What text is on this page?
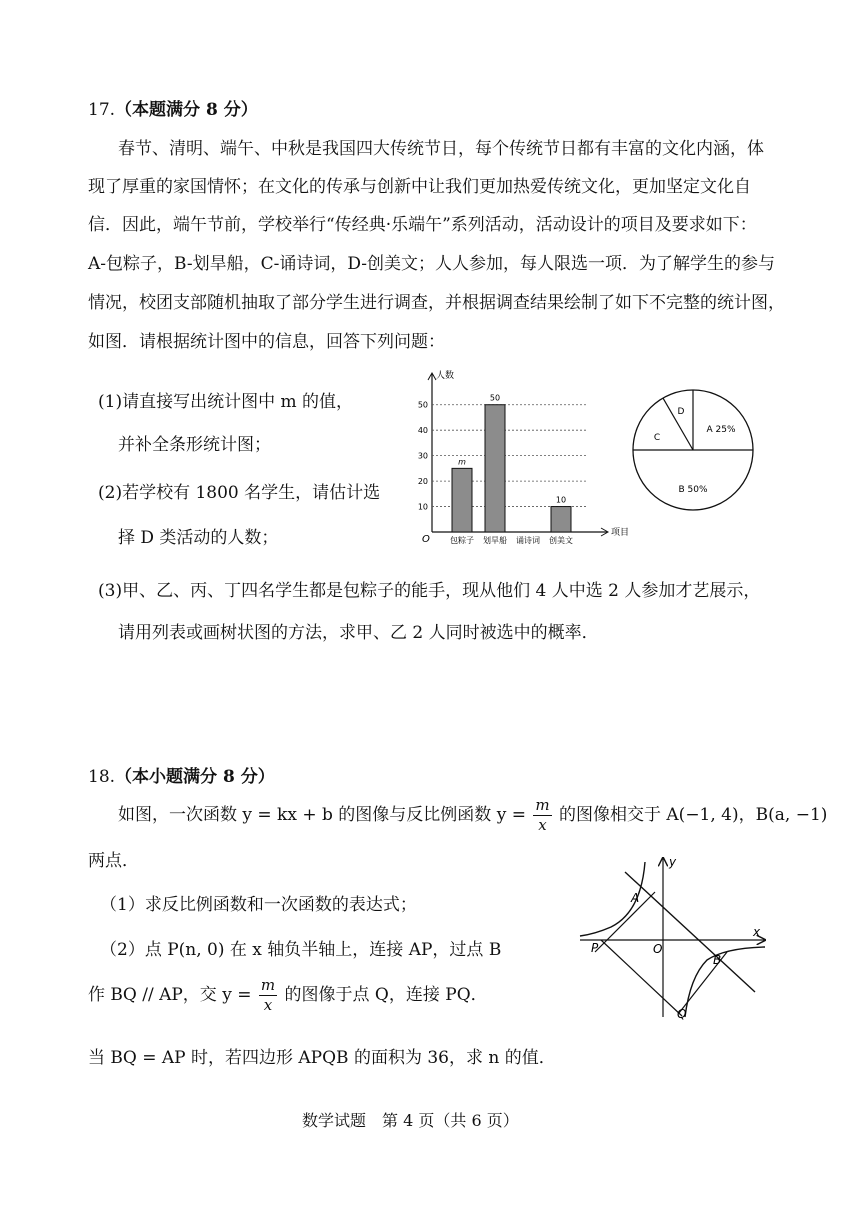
17.（本题满分 8 分）
春节、清明、端午、中秋是我国四大传统节日，每个传统节日都有丰富的文化内涵，体
现了厚重的家国情怀；在文化的传承与创新中让我们更加热爱传统文化，更加坚定文化自
信．因此，端午节前，学校举行“传经典·乐端午”系列活动，活动设计的项目及要求如下：
A-包粽子，B-划旱船，C-诵诗词，D-创美文；人人参加，每人限选一项．为了解学生的参与
情况，校团支部随机抽取了部分学生进行调查，并根据调查结果绘制了如下不完整的统计图，
如图．请根据统计图中的信息，回答下列问题：
(1)请直接写出统计图中 m 的值，
并补全条形统计图；
(2)若学校有 1800 名学生，请估计选
择 D 类活动的人数；
人数
项目
O
10
20
30
40
50
m
包粽子
50
划旱船 诵诗词
10
创美文
A 25%
B 50%
C
D
(3)甲、乙、丙、丁四名学生都是包粽子的能手，现从他们 4 人中选 2 人参加才艺展示，
请用列表或画树状图的方法，求甲、乙 2 人同时被选中的概率．
18.（本小题满分 8 分）
如图，一次函数 y = kx + b 的图像与反比例函数 $y = \frac{m}{x}$ 的图像相交于 A(−1, 4)，B(a, −1)
两点．
（1）求反比例函数和一次函数的表达式；
（2）点 P(n, 0) 在 x 轴负半轴上，连接 AP，过点 B
作 BQ // AP，交 $y = \frac{m}{x}$ 的图像于点 Q，连接 PQ．
当 BQ = AP 时，若四边形 APQB 的面积为 36，求 n 的值．
x
y
O
A
P
B
Q
数学试题　第 4 页（共 6 页）
